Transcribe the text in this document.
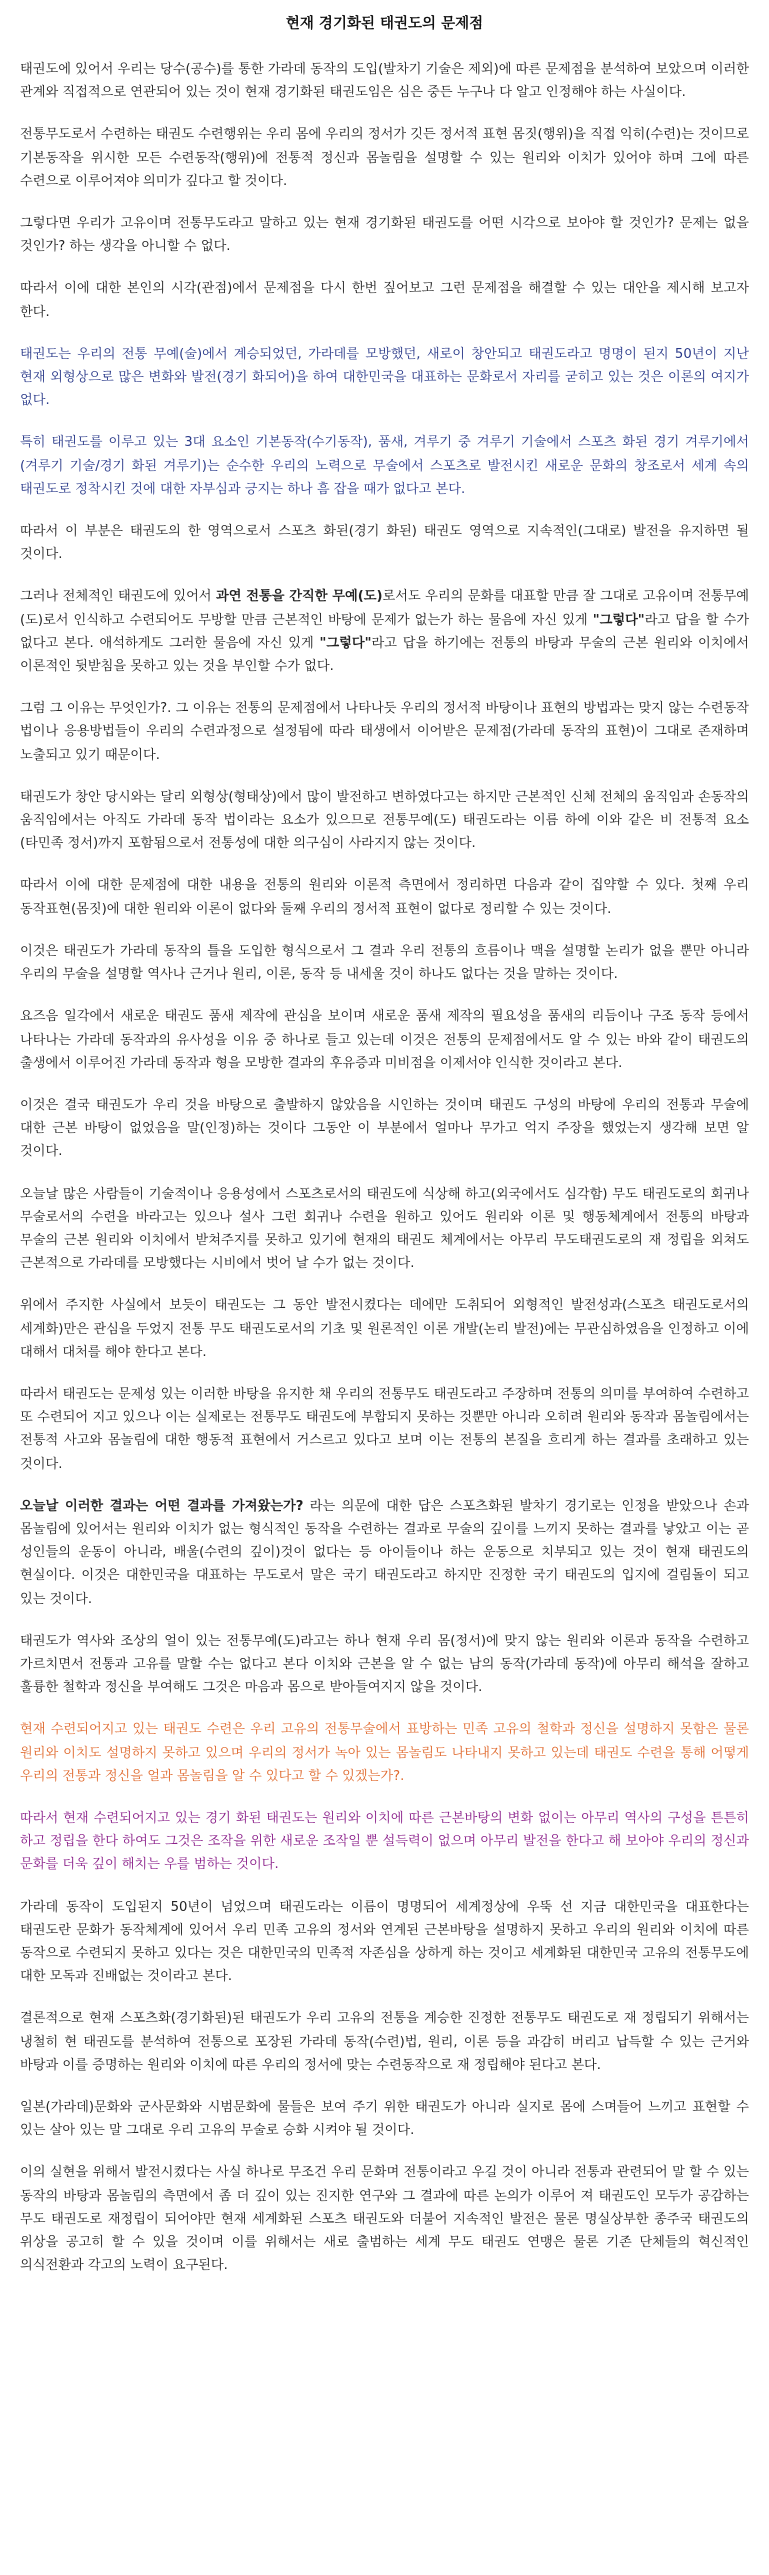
현재 경기화된 태권도의 문제점
태권도에 있어서 우리는 당수(공수)를 통한 가라데 동작의 도입(발차기 기술은 제외)에 따른 문제점을 분석하여 보았으며 이러한 관계와 직접적으로 연관되어 있는 것이 현재 경기화된 태권도임은 심은 중든 누구나 다 알고 인정해야 하는 사실이다.
전통무도로서 수련하는 태권도 수련행위는 우리 몸에 우리의 정서가 깃든 정서적 표현 몸짓(행위)을 직접 익히(수련)는 것이므로 기본동작을 위시한 모든 수련동작(행위)에 전통적 정신과 몸놀림을 설명할 수 있는 원리와 이치가 있어야 하며 그에 따른 수련으로 이루어져야 의미가 깊다고 할 것이다.
그렇다면 우리가 고유이며 전통무도라고 말하고 있는 현재 경기화된 태권도를 어떤 시각으로 보아야 할 것인가? 문제는 없을 것인가? 하는 생각을 아니할 수 없다.
따라서 이에 대한 본인의 시각(관점)에서 문제점을 다시 한번 짚어보고 그런 문제점을 해결할 수 있는 대안을 제시해 보고자 한다.
태권도는 우리의 전통 무예(술)에서 계승되었던, 가라데를 모방했던, 새로이 창안되고 태권도라고 명명이 된지 50년이 지난 현재 외형상으로 많은 변화와 발전(경기 화되어)을 하여 대한민국을 대표하는 문화로서 자리를 굳히고 있는 것은 이론의 여지가 없다.
특히 태권도를 이루고 있는 3대 요소인 기본동작(수기동작), 품새, 겨루기 중 겨루기 기술에서 스포츠 화된 경기 겨루기에서(겨루기 기술/경기 화된 겨루기)는 순수한 우리의 노력으로 무술에서 스포츠로 발전시킨 새로운 문화의 창조로서 세계 속의 태권도로 정착시킨 것에 대한 자부심과 긍지는 하나 흠 잡을 때가 없다고 본다.
따라서 이 부분은 태권도의 한 영역으로서 스포츠 화된(경기 화된) 태권도 영역으로 지속적인(그대로) 발전을 유지하면 될 것이다.
그러나 전체적인 태권도에 있어서 과연 전통을 간직한 무예(도)로서도 우리의 문화를 대표할 만큼 잘 그대로 고유이며 전통무예(도)로서 인식하고 수련되어도 무방할 만큼 근본적인 바탕에 문제가 없는가 하는 물음에 자신 있게 "그렇다"라고 답을 할 수가 없다고 본다. 애석하게도 그러한 물음에 자신 있게 "그렇다"라고 답을 하기에는 전통의 바탕과 무술의 근본 원리와 이치에서 이론적인 뒷받침을 못하고 있는 것을 부인할 수가 없다.
그럼 그 이유는 무엇인가?. 그 이유는 전통의 문제점에서 나타나듯 우리의 정서적 바탕이나 표현의 방법과는 맞지 않는 수련동작 법이나 응용방법들이 우리의 수련과정으로 설정됨에 따라 태생에서 이어받은 문제점(가라데 동작의 표현)이 그대로 존재하며 노출되고 있기 때문이다.
태권도가 창안 당시와는 달리 외형상(형태상)에서 많이 발전하고 변하였다고는 하지만 근본적인 신체 전체의 움직임과 손동작의 움직임에서는 아직도 가라데 동작 법이라는 요소가 있으므로 전통무예(도) 태권도라는 이름 하에 이와 같은 비 전통적 요소(타민족 정서)까지 포함됨으로서 전통성에 대한 의구심이 사라지지 않는 것이다.
따라서 이에 대한 문제점에 대한 내용을 전통의 원리와 이론적 측면에서 정리하면 다음과 같이 집약할 수 있다. 첫째 우리 동작표현(몸짓)에 대한 원리와 이론이 없다와 둘째 우리의 정서적 표현이 없다로 정리할 수 있는 것이다.
이것은 태권도가 가라데 동작의 틀을 도입한 형식으로서 그 결과 우리 전통의 흐름이나 맥을 설명할 논리가 없을 뿐만 아니라 우리의 무술을 설명할 역사나 근거나 원리, 이론, 동작 등 내세울 것이 하나도 없다는 것을 말하는 것이다.
요즈음 일각에서 새로운 태권도 품새 제작에 관심을 보이며 새로운 품새 제작의 필요성을 품새의 리듬이나 구조 동작 등에서 나타나는 가라데 동작과의 유사성을 이유 중 하나로 들고 있는데 이것은 전통의 문제점에서도 알 수 있는 바와 같이 태권도의 출생에서 이루어진 가라데 동작과 형을 모방한 결과의 후유증과 미비점을 이제서야 인식한 것이라고 본다.
이것은 결국 태권도가 우리 것을 바탕으로 출발하지 않았음을 시인하는 것이며 태권도 구성의 바탕에 우리의 전통과 무술에 대한 근본 바탕이 없었음을 말(인정)하는 것이다 그동안 이 부분에서 얼마나 무가고 억지 주장을 했었는지 생각해 보면 알 것이다.
오늘날 많은 사람들이 기술적이나 응용성에서 스포츠로서의 태권도에 식상해 하고(외국에서도 심각함) 무도 태권도로의 회귀나 무술로서의 수련을 바라고는 있으나 설사 그런 회귀나 수련을 원하고 있어도 원리와 이론 및 행동체계에서 전통의 바탕과 무술의 근본 원리와 이치에서 받쳐주지를 못하고 있기에 현재의 태권도 체계에서는 아무리 무도태권도로의 재 정립을 외쳐도 근본적으로 가라데를 모방했다는 시비에서 벗어 날 수가 없는 것이다.
위에서 주지한 사실에서 보듯이 태권도는 그 동안 발전시켰다는 데에만 도취되어 외형적인 발전성과(스포츠 태권도로서의 세계화)만은 관심을 두었지 전통 무도 태권도로서의 기초 및 원론적인 이론 개발(논리 발전)에는 무관심하였음을 인정하고 이에 대해서 대처를 해야 한다고 본다.
따라서 태권도는 문제성 있는 이러한 바탕을 유지한 채 우리의 전통무도 태권도라고 주장하며 전통의 의미를 부여하여 수련하고 또 수련되어 지고 있으나 이는 실제로는 전통무도 태권도에 부합되지 못하는 것뿐만 아니라 오히려 원리와 동작과 몸놀림에서는 전통적 사고와 몸놀림에 대한 행동적 표현에서 거스르고 있다고 보며 이는 전통의 본질을 흐리게 하는 결과를 초래하고 있는 것이다.
오늘날 이러한 결과는 어떤 결과를 가져왔는가? 라는 의문에 대한 답은 스포츠화된 발차기 경기로는 인정을 받았으나 손과 몸놀림에 있어서는 원리와 이치가 없는 형식적인 동작을 수련하는 결과로 무술의 깊이를 느끼지 못하는 결과를 낳았고 이는 곧 성인들의 운동이 아니라, 배울(수련의 깊이)것이 없다는 등 아이들이나 하는 운동으로 치부되고 있는 것이 현재 태권도의 현실이다. 이것은 대한민국을 대표하는 무도로서 말은 국기 태권도라고 하지만 진정한 국기 태권도의 입지에 걸림돌이 되고 있는 것이다.
태권도가 역사와 조상의 얼이 있는 전통무예(도)라고는 하나 현재 우리 몸(정서)에 맞지 않는 원리와 이론과 동작을 수련하고 가르치면서 전통과 고유를 말할 수는 없다고 본다 이치와 근본을 알 수 없는 남의 동작(가라데 동작)에 아무리 해석을 잘하고 훌륭한 철학과 정신을 부여해도 그것은 마음과 몸으로 받아들여지지 않을 것이다.
현재 수련되어지고 있는 태권도 수련은 우리 고유의 전통무술에서 표방하는 민족 고유의 철학과 정신을 설명하지 못함은 물론 원리와 이치도 설명하지 못하고 있으며 우리의 정서가 녹아 있는 몸놀림도 나타내지 못하고 있는데 태권도 수련을 통해 어떻게 우리의 전통과 정신을 얼과 몸놀림을 알 수 있다고 할 수 있겠는가?.
따라서 현재 수련되어지고 있는 경기 화된 태권도는 원리와 이치에 따른 근본바탕의 변화 없이는 아무리 역사의 구성을 튼튼히 하고 정립을 한다 하여도 그것은 조작을 위한 새로운 조작일 뿐 설득력이 없으며 아무리 발전을 한다고 해 보아야 우리의 정신과 문화를 더욱 깊이 해치는 우를 범하는 것이다.
가라데 동작이 도입된지 50년이 넘었으며 태권도라는 이름이 명명되어 세계정상에 우뚝 선 지금 대한민국을 대표한다는 태권도란 문화가 동작체계에 있어서 우리 민족 고유의 정서와 연계된 근본바탕을 설명하지 못하고 우리의 원리와 이치에 따른 동작으로 수련되지 못하고 있다는 것은 대한민국의 민족적 자존심을 상하게 하는 것이고 세계화된 대한민국 고유의 전통무도에 대한 모독과 진배없는 것이라고 본다.
결론적으로 현재 스포츠화(경기화된)된 태권도가 우리 고유의 전통을 계승한 진정한 전통무도 태권도로 재 정립되기 위해서는 냉철히 현 태권도를 분석하여 전통으로 포장된 가라데 동작(수련)법, 원리, 이론 등을 과감히 버리고 납득할 수 있는 근거와 바탕과 이를 증명하는 원리와 이치에 따른 우리의 정서에 맞는 수련동작으로 재 정립해야 된다고 본다.
일본(가라데)문화와 군사문화와 시범문화에 물들은 보여 주기 위한 태권도가 아니라 실지로 몸에 스며들어 느끼고 표현할 수 있는 살아 있는 말 그대로 우리 고유의 무술로 승화 시켜야 될 것이다.
이의 실현을 위해서 발전시켰다는 사실 하나로 무조건 우리 문화며 전통이라고 우길 것이 아니라 전통과 관련되어 말 할 수 있는 동작의 바탕과 몸놀림의 측면에서 좀 더 깊이 있는 진지한 연구와 그 결과에 따른 논의가 이루어 져 태권도인 모두가 공감하는 무도 태권도로 재정립이 되어야만 현재 세계화된 스포츠 태권도와 더불어 지속적인 발전은 물론 명실상부한 종주국 태권도의 위상을 공고히 할 수 있을 것이며 이를 위해서는 새로 출범하는 세계 무도 태권도 연맹은 물론 기존 단체들의 혁신적인 의식전환과 각고의 노력이 요구된다.
